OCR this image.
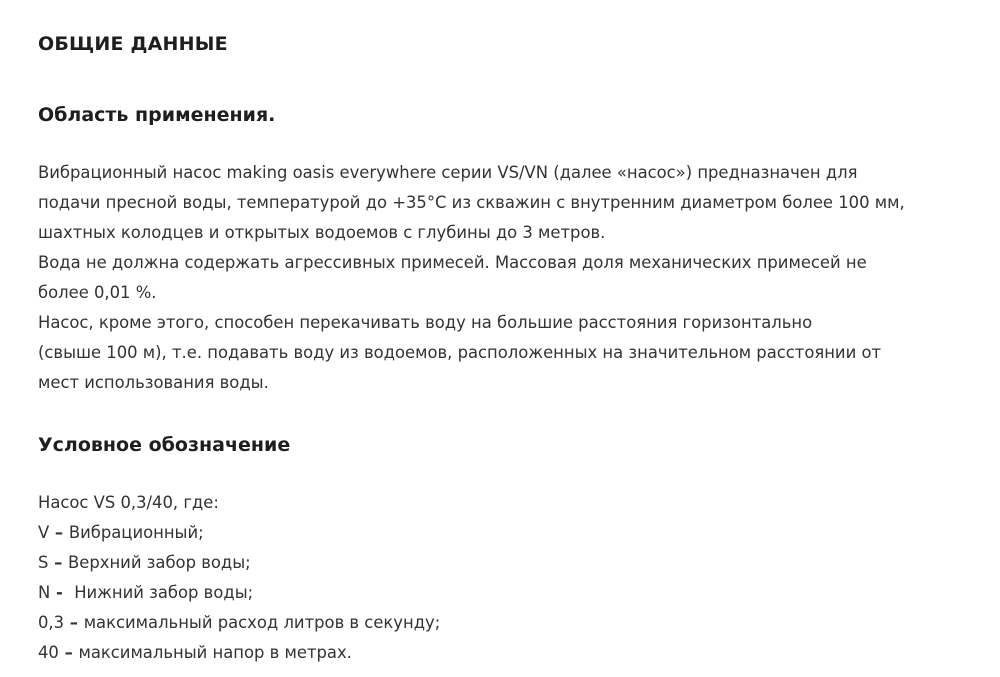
ОБЩИЕ ДАННЫЕ
Область применения.
Вибрационный насос making oasis everywhere серии VS/VN (далее «насос») предназначен для
подачи пресной воды, температурой до +35°С из скважин с внутренним диаметром более 100 мм,
шахтных колодцев и открытых водоемов с глубины до 3 метров.
Вода не должна содержать агрессивных примесей. Массовая доля механических примесей не
более 0,01 %.
Насос, кроме этого, способен перекачивать воду на большие расстояния горизонтально
(свыше 100 м), т.е. подавать воду из водоемов, расположенных на значительном расстоянии от
мест использования воды.
Условное обозначение
Насос VS 0,3/40, где:
V – Вибрационный;
S – Верхний забор воды;
N -  Нижний забор воды;
0,3 – максимальный расход литров в секунду;
40 – максимальный напор в метрах.
